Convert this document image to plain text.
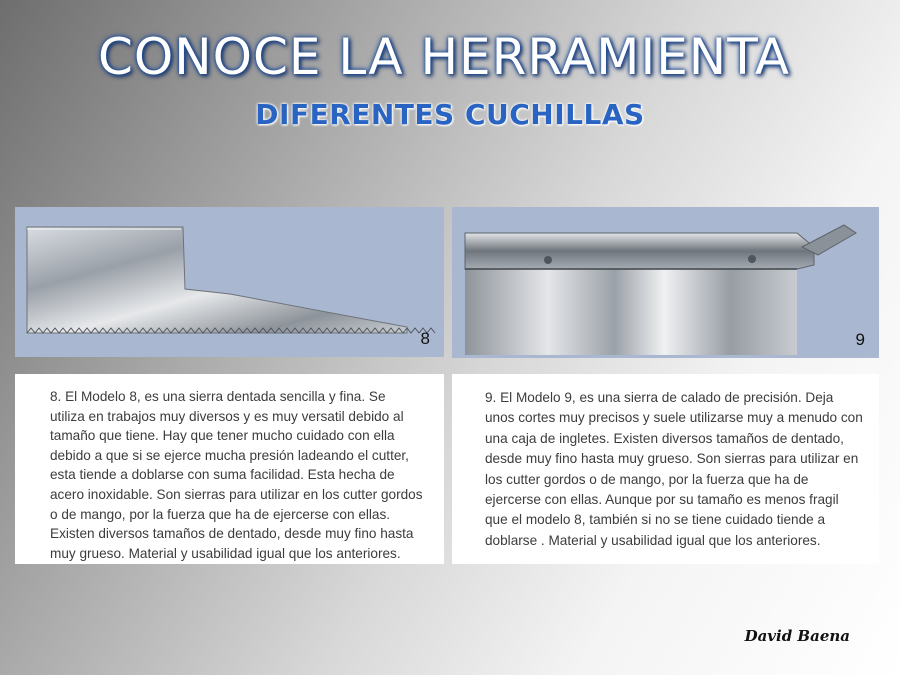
CONOCE LA HERRAMIENTA
DIFERENTES CUCHILLAS
8	9

8. El Modelo 8, es una sierra dentada sencilla y fina. Se utiliza en trabajos muy diversos y es muy versatil debido al tamaño que tiene. Hay que tener mucho cuidado con ella debido a que si se ejerce mucha presión ladeando el cutter, esta tiende a doblarse con suma facilidad. Esta hecha de acero inoxidable. Son sierras para utilizar en los cutter gordos o de mango, por la fuerza que ha de ejercerse con ellas. Existen diversos tamaños de dentado, desde muy fino hasta muy grueso. Material y usabilidad igual que los anteriores.

9. El Modelo 9, es una sierra de calado de precisión. Deja unos cortes muy precisos y suele utilizarse muy a menudo con una caja de ingletes. Existen diversos tamaños de dentado, desde muy fino hasta muy grueso. Son sierras para utilizar en los cutter gordos o de mango, por la fuerza que ha de ejercerse con ellas. Aunque por su tamaño es menos fragil que el modelo 8, también si no se tiene cuidado tiende a doblarse . Material y usabilidad igual que los anteriores.

David Baena
